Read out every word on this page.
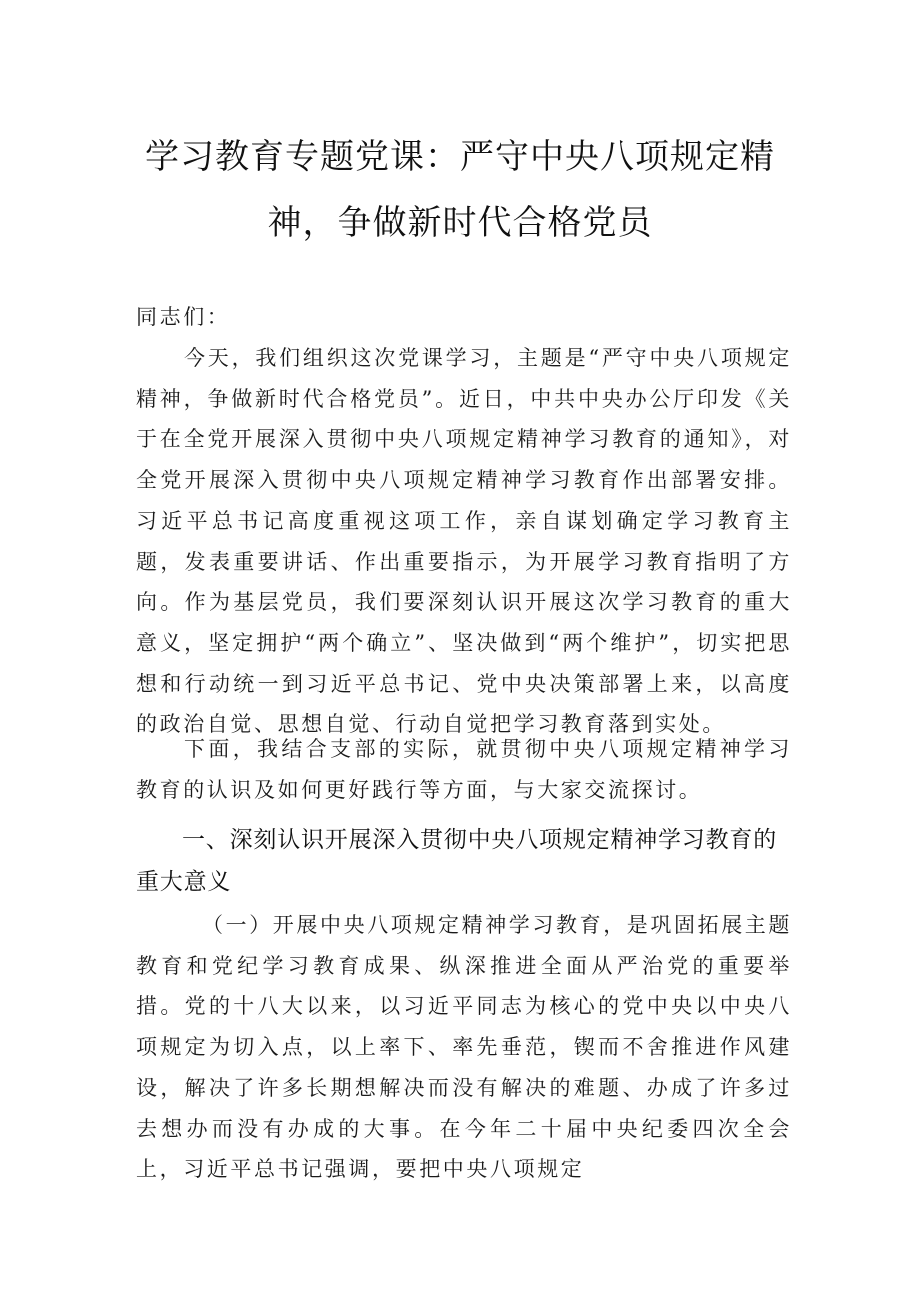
学习教育专题党课：严守中央八项规定精
神，争做新时代合格党员

同志们：

今天，我们组织这次党课学习，主题是“严守中央八项规定精神，争做新时代合格党员”。近日，中共中央办公厅印发《关于在全党开展深入贯彻中央八项规定精神学习教育的通知》，对全党开展深入贯彻中央八项规定精神学习教育作出部署安排。习近平总书记高度重视这项工作，亲自谋划确定学习教育主题，发表重要讲话、作出重要指示，为开展学习教育指明了方向。作为基层党员，我们要深刻认识开展这次学习教育的重大意义，坚定拥护“两个确立”、坚决做到“两个维护”，切实把思想和行动统一到习近平总书记、党中央决策部署上来，以高度的政治自觉、思想自觉、行动自觉把学习教育落到实处。

下面，我结合支部的实际，就贯彻中央八项规定精神学习教育的认识及如何更好践行等方面，与大家交流探讨。

一、深刻认识开展深入贯彻中央八项规定精神学习教育的重大意义

（一）开展中央八项规定精神学习教育，是巩固拓展主题教育和党纪学习教育成果、纵深推进全面从严治党的重要举措。党的十八大以来，以习近平同志为核心的党中央以中央八项规定为切入点，以上率下、率先垂范，锲而不舍推进作风建设，解决了许多长期想解决而没有解决的难题、办成了许多过去想办而没有办成的大事。在今年二十届中央纪委四次全会上，习近平总书记强调，要把中央八项规定
